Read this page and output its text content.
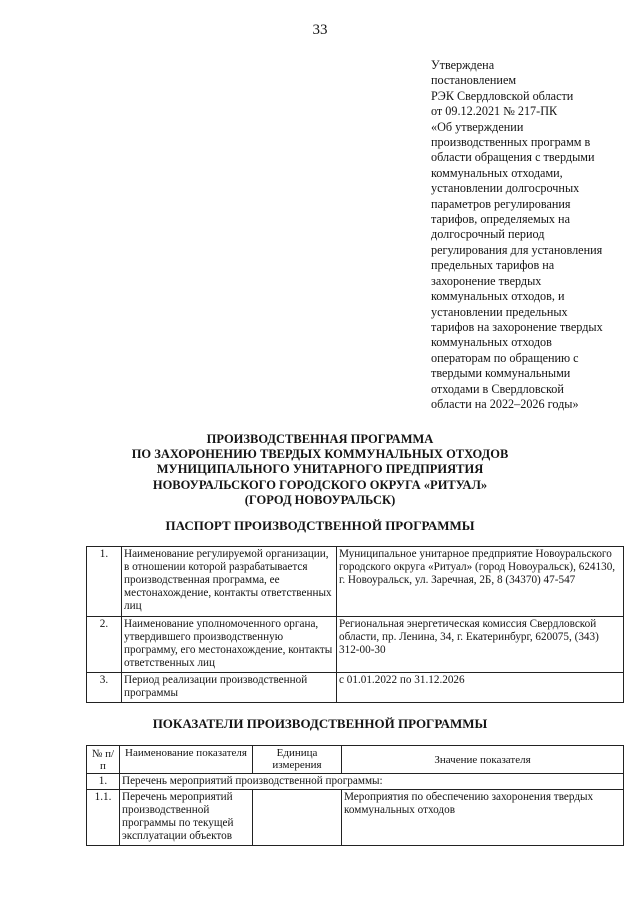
33
Утверждена
постановлением
РЭК Свердловской области
от 09.12.2021 № 217-ПК
«Об утверждении
производственных программ в
области обращения с твердыми
коммунальных отходами,
установлении долгосрочных
параметров регулирования
тарифов, определяемых на
долгосрочный период
регулирования для установления
предельных тарифов на
захоронение твердых
коммунальных отходов, и
установлении предельных
тарифов на захоронение твердых
коммунальных отходов
операторам по обращению с
твердыми коммунальными
отходами в Свердловской
области на 2022–2026 годы»
ПРОИЗВОДСТВЕННАЯ ПРОГРАММА
ПО ЗАХОРОНЕНИЮ ТВЕРДЫХ КОММУНАЛЬНЫХ ОТХОДОВ
МУНИЦИПАЛЬНОГО УНИТАРНОГО ПРЕДПРИЯТИЯ
НОВОУРАЛЬСКОГО ГОРОДСКОГО ОКРУГА «РИТУАЛ»
(ГОРОД НОВОУРАЛЬСК)
ПАСПОРТ ПРОИЗВОДСТВЕННОЙ ПРОГРАММЫ
1.	Наименование регулируемой организации, в отношении которой разрабатывается производственная программа, ее местонахождение, контакты ответственных лиц	Муниципальное унитарное предприятие Новоуральского городского округа «Ритуал» (город Новоуральск), 624130, г. Новоуральск, ул. Заречная, 2Б, 8 (34370) 47-547
2.	Наименование уполномоченного органа, утвердившего производственную программу, его местонахождение, контакты ответственных лиц	Региональная энергетическая комиссия Свердловской области, пр. Ленина, 34, г. Екатеринбург, 620075, (343) 312-00-30
3.	Период реализации производственной программы	с 01.01.2022 по 31.12.2026
ПОКАЗАТЕЛИ ПРОИЗВОДСТВЕННОЙ ПРОГРАММЫ
№ п/п	Наименование показателя	Единица измерения	Значение показателя
1.	Перечень мероприятий производственной программы:		
1.1.	Перечень мероприятий производственной программы по текущей эксплуатации объектов		Мероприятия по обеспечению захоронения твердых коммунальных отходов
